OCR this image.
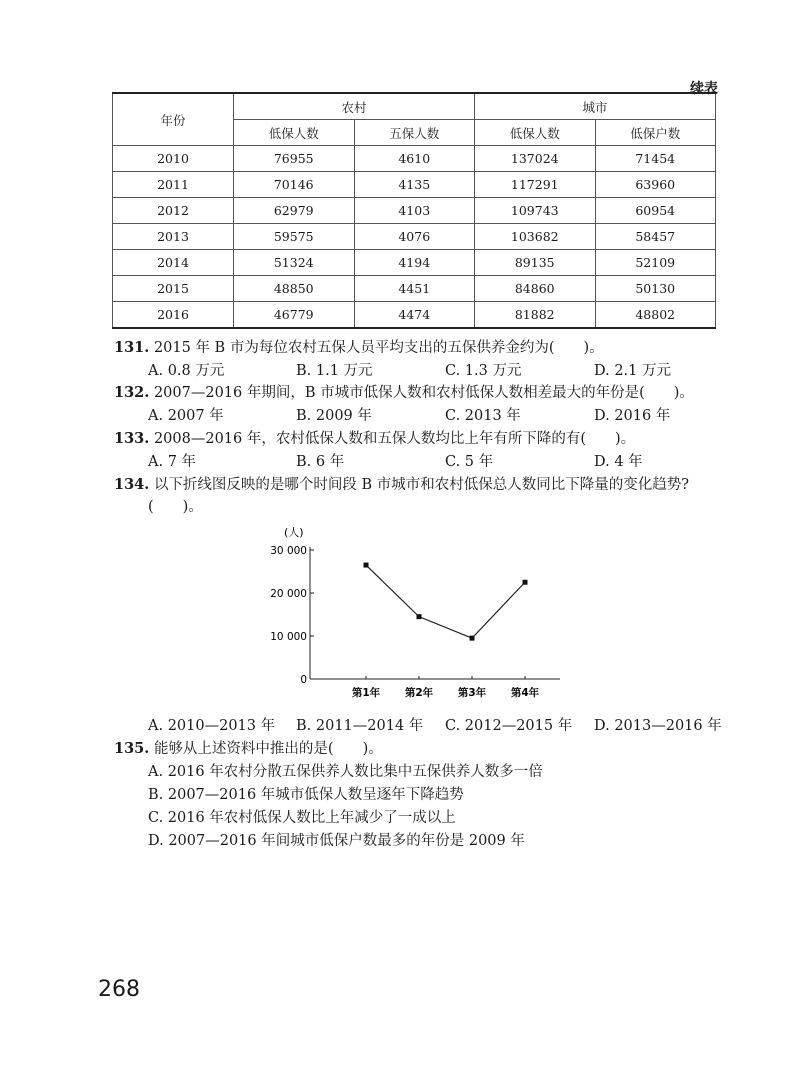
续表
年份	农村		城市	
	低保人数	五保人数	低保人数	低保户数
2010	76955	4610	137024	71454
2011	70146	4135	117291	63960
2012	62979	4103	109743	60954
2013	59575	4076	103682	58457
2014	51324	4194	89135	52109
2015	48850	4451	84860	50130
2016	46779	4474	81882	48802
131. 2015 年 B 市为每位农村五保人员平均支出的五保供养金约为(　　)。
A. 0.8 万元	B. 1.1 万元	C. 1.3 万元	D. 2.1 万元
132. 2007—2016 年期间，B 市城市低保人数和农村低保人数相差最大的年份是(　　)。
A. 2007 年	B. 2009 年	C. 2013 年	D. 2016 年
133. 2008—2016 年，农村低保人数和五保人数均比上年有所下降的有(　　)。
A. 7 年	B. 6 年	C. 5 年	D. 4 年
134. 以下折线图反映的是哪个时间段 B 市城市和农村低保总人数同比下降量的变化趋势?
(　　)。
(人)
0
10 000
20 000
30 000
第1年 第2年 第3年 第4年
A. 2010—2013 年 B. 2011—2014 年 C. 2012—2015 年 D. 2013—2016 年
135. 能够从上述资料中推出的是(　　)。
A. 2016 年农村分散五保供养人数比集中五保供养人数多一倍
B. 2007—2016 年城市低保人数呈逐年下降趋势
C. 2016 年农村低保人数比上年减少了一成以上
D. 2007—2016 年间城市低保户数最多的年份是 2009 年
268
